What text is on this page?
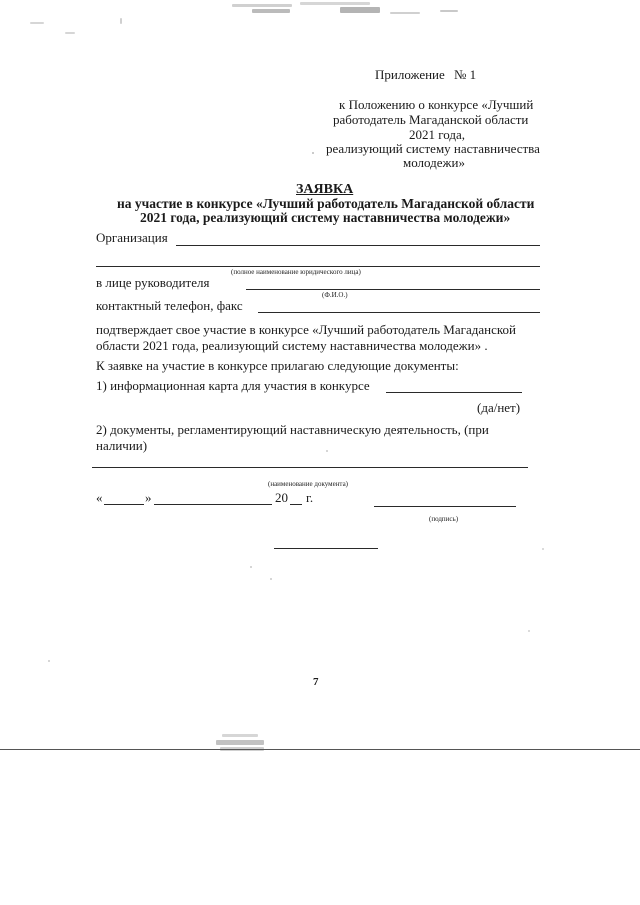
Приложение № 1
к Положению о конкурсе «Лучший
работодатель Магаданской области
2021 года,
реализующий систему наставничества
молодежи»
ЗАЯВКА
на участие в конкурсе «Лучший работодатель Магаданской области
2021 года, реализующий систему наставничества молодежи»
Организация
(полное наименование юридического лица)
в лице руководителя
(Ф.И.О.)
контактный телефон, факс
подтверждает свое участие в конкурсе «Лучший работодатель Магаданской
области 2021 года, реализующий систему наставничества молодежи» .
К заявке на участие в конкурсе прилагаю следующие документы:
1) информационная карта для участия в конкурсе
(да/нет)
2) документы, регламентирующий наставническую деятельность, (при
наличии)
(наименование документа)
«	»	20 г.
(подпись)
7
